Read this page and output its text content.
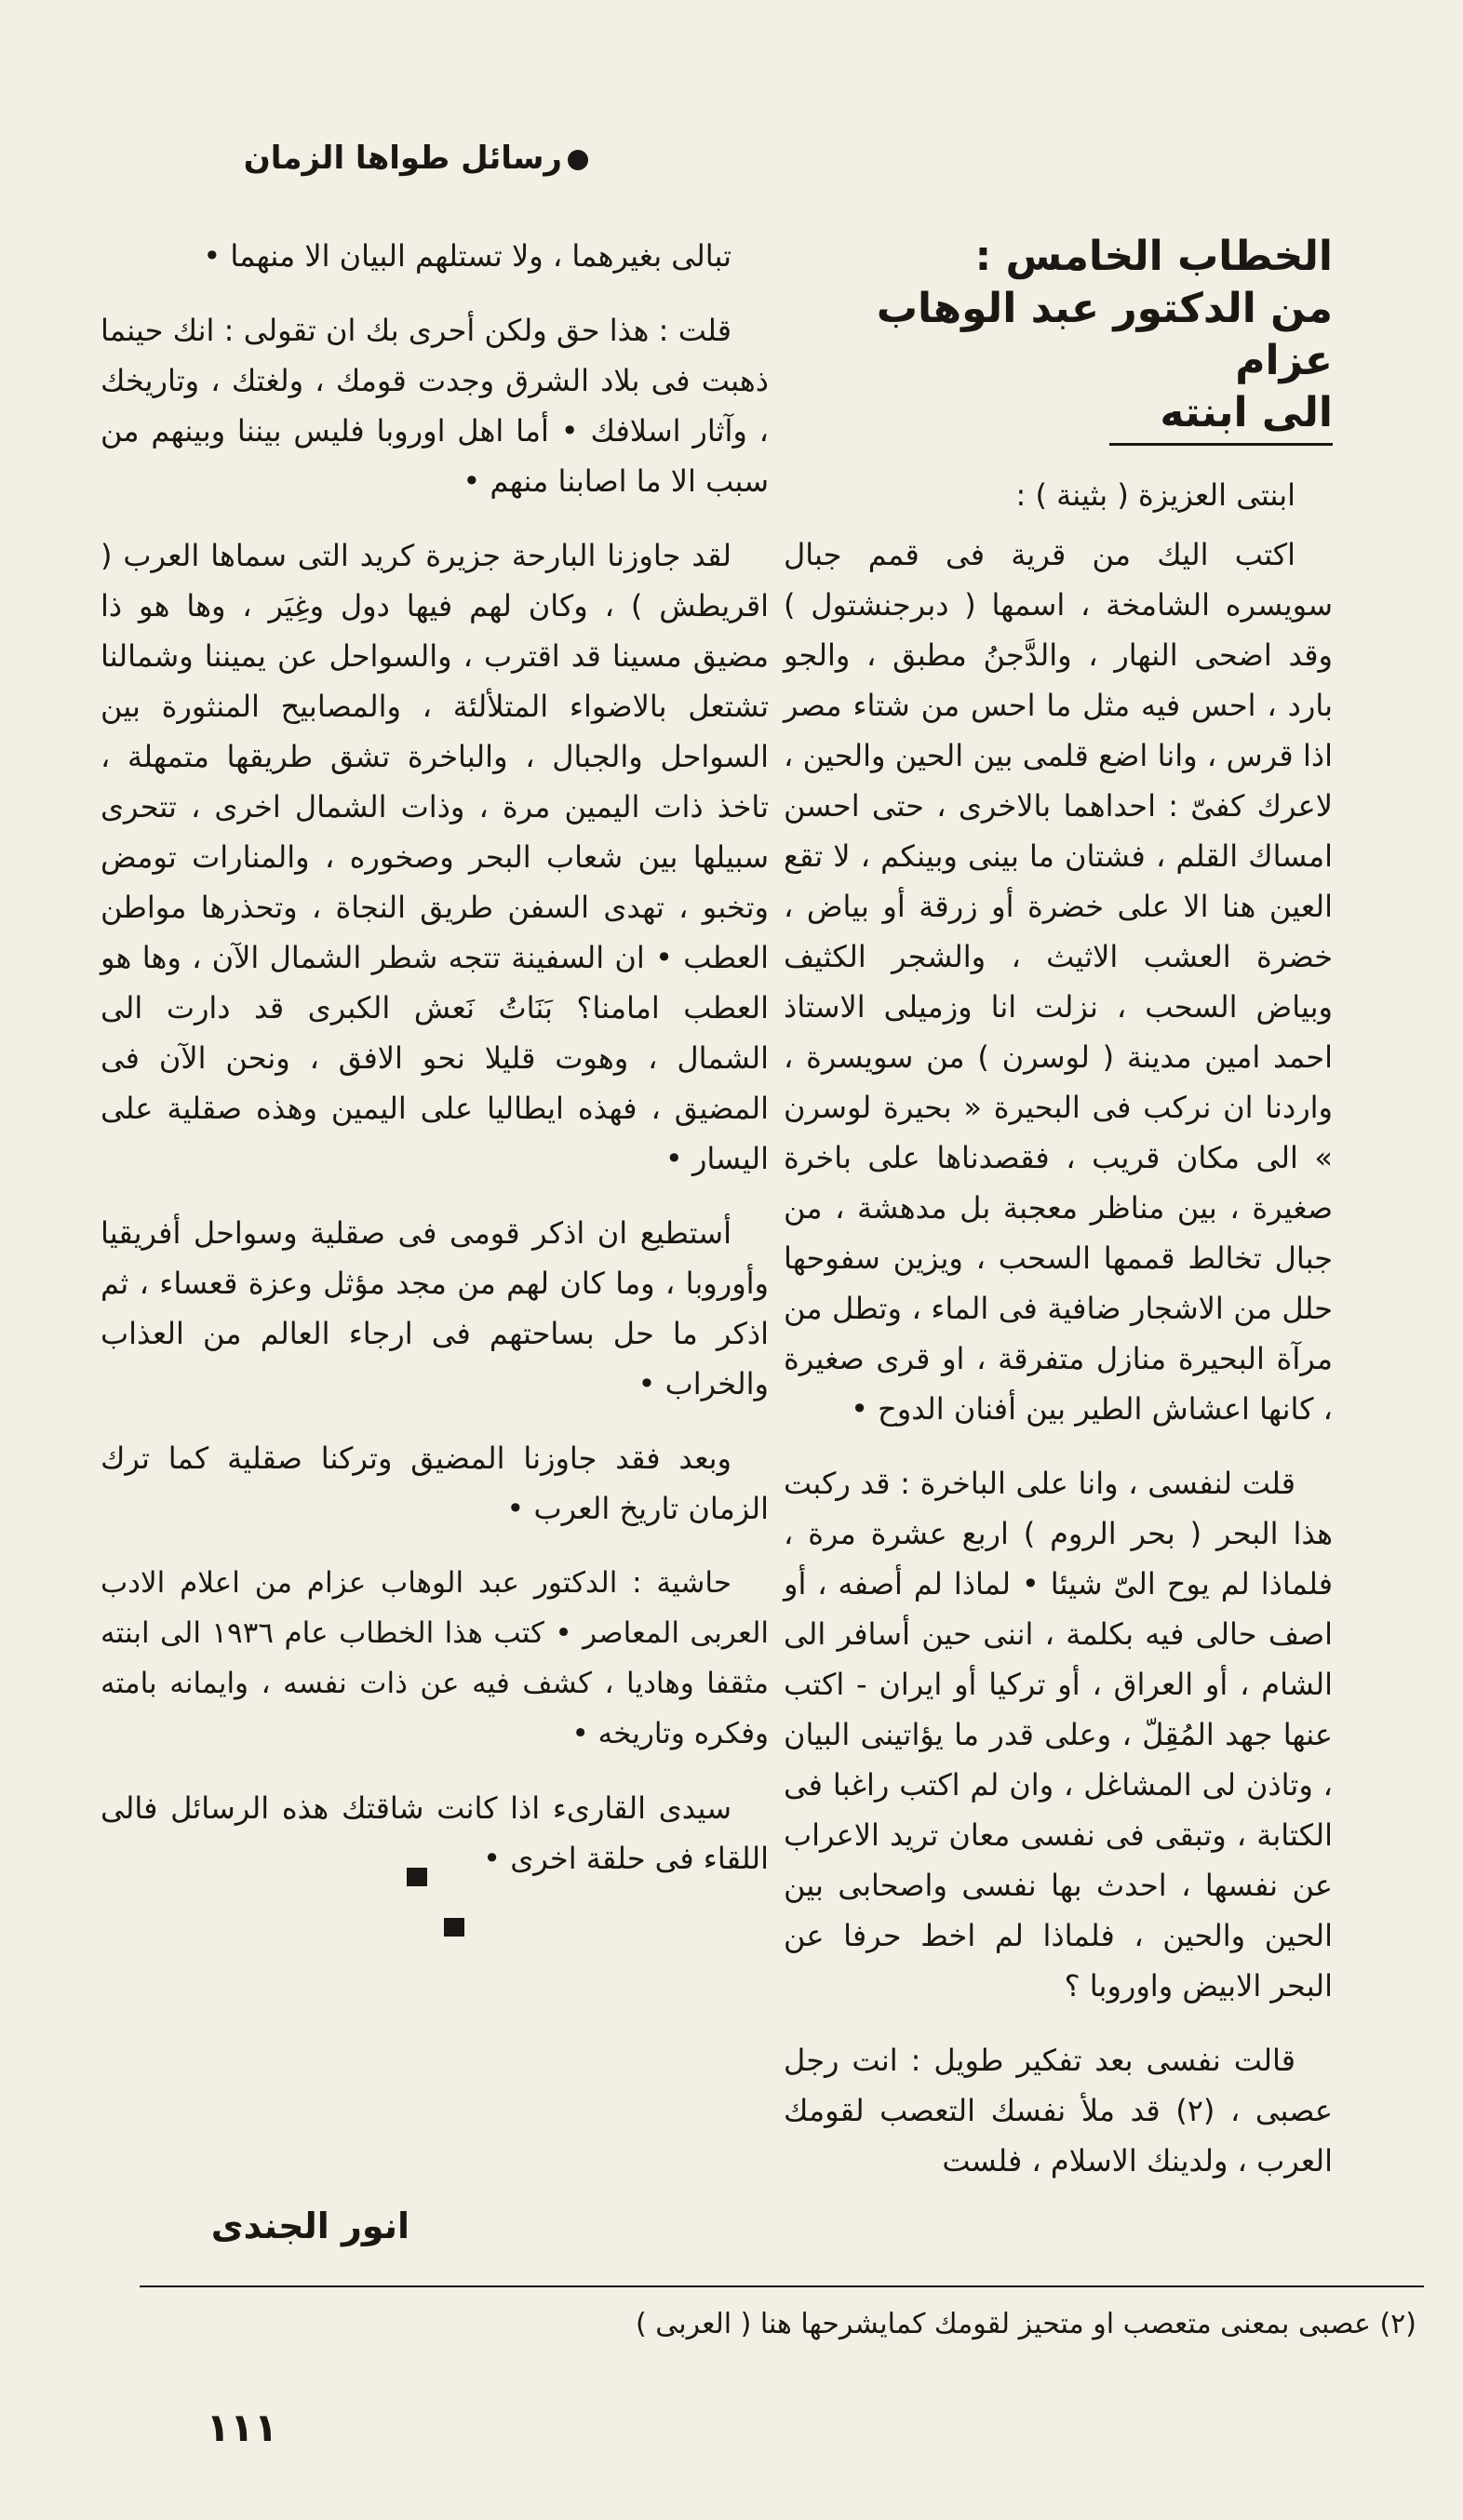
رسائل طواها الزمان
الخطاب الخامس :
من الدكتور عبد الوهاب عزام
الى ابنته
ابنتى العزيزة ( بثينة ) :

اكتب اليك من قرية فى قمم جبال سويسره الشامخة ، اسمها ( دبرجنشتول ) وقد اضحى النهار ، والدَّجنُ مطبق ، والجو بارد ، احس فيه مثل ما احس من شتاء مصر اذا قرس ، وانا اضع قلمى بين الحين والحين ، لاعرك كفىّ : احداهما بالاخرى ، حتى احسن امساك القلم ، فشتان ما بينى وبينكم ، لا تقع العين هنا الا على خضرة أو زرقة أو بياض ، خضرة العشب الاثيث ، والشجر الكثيف وبياض السحب ، نزلت انا وزميلى الاستاذ احمد امين مدينة ( لوسرن ) من سويسرة ، واردنا ان نركب فى البحيرة « بحيرة لوسرن » الى مكان قريب ، فقصدناها على باخرة صغيرة ، بين مناظر معجبة بل مدهشة ، من جبال تخالط قممها السحب ، ويزين سفوحها حلل من الاشجار ضافية فى الماء ، وتطل من مرآة البحيرة منازل متفرقة ، او قرى صغيرة ، كانها اعشاش الطير بين أفنان الدوح •

قلت لنفسى ، وانا على الباخرة : قد ركبت هذا البحر ( بحر الروم ) اربع عشرة مرة ، فلماذا لم يوح الىّ شيئا • لماذا لم أصفه ، أو اصف حالى فيه بكلمة ، اننى حين أسافر الى الشام ، أو العراق ، أو تركيا أو ايران - اكتب عنها جهد المُقِلّ ، وعلى قدر ما يؤاتينى البيان ، وتاذن لى المشاغل ، وان لم اكتب راغبا فى الكتابة ، وتبقى فى نفسى معان تريد الاعراب عن نفسها ، احدث بها نفسى واصحابى بين الحين والحين ، فلماذا لم اخط حرفا عن البحر الابيض واوروبا ؟

قالت نفسى بعد تفكير طويل : انت رجل عصبى ، (٢) قد ملأ نفسك التعصب لقومك العرب ، ولدينك الاسلام ، فلست

تبالى بغيرهما ، ولا تستلهم البيان الا منهما •

قلت : هذا حق ولكن أحرى بك ان تقولى : انك حينما ذهبت فى بلاد الشرق وجدت قومك ، ولغتك ، وتاريخك ، وآثار اسلافك • أما اهل اوروبا فليس بيننا وبينهم من سبب الا ما اصابنا منهم •

لقد جاوزنا البارحة جزيرة كريد التى سماها العرب ( اقريطش ) ، وكان لهم فيها دول وغِيَر ، وها هو ذا مضيق مسينا قد اقترب ، والسواحل عن يميننا وشمالنا تشتعل بالاضواء المتلألئة ، والمصابيح المنثورة بين السواحل والجبال ، والباخرة تشق طريقها متمهلة ، تاخذ ذات اليمين مرة ، وذات الشمال اخرى ، تتحرى سبيلها بين شعاب البحر وصخوره ، والمنارات تومض وتخبو ، تهدى السفن طريق النجاة ، وتحذرها مواطن العطب • ان السفينة تتجه شطر الشمال الآن ، وها هو العطب امامنا؟ بَنَاتُ نَعش الكبرى قد دارت الى الشمال ، وهوت قليلا نحو الافق ، ونحن الآن فى المضيق ، فهذه ايطاليا على اليمين وهذه صقلية على اليسار •

أستطيع ان اذكر قومى فى صقلية وسواحل أفريقيا وأوروبا ، وما كان لهم من مجد مؤثل وعزة قعساء ، ثم اذكر ما حل بساحتهم فى ارجاء العالم من العذاب والخراب •

وبعد فقد جاوزنا المضيق وتركنا صقلية كما ترك الزمان تاريخ العرب •

حاشية : الدكتور عبد الوهاب عزام من اعلام الادب العربى المعاصر • كتب هذا الخطاب عام ١٩٣٦ الى ابنته مثقفا وهاديا ، كشف فيه عن ذات نفسه ، وايمانه بامته وفكره وتاريخه •

سيدى القارىء اذا كانت شاقتك هذه الرسائل فالى اللقاء فى حلقة اخرى •

انور الجندى
(٢) عصبى بمعنى متعصب او متحيز لقومك كمايشرحها هنا ( العربى )
١١١
